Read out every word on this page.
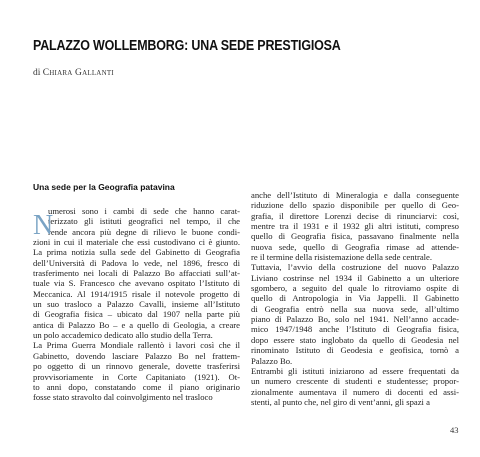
PALAZZO WOLLEMBORG: UNA SEDE PRESTIGIOSA
di Chiara Gallanti
Una sede per la Geografia patavina
N
umerosi sono i cambi di sede che hanno carat-
terizzato gli istituti geografici nel tempo, il che
rende ancora più degne di rilievo le buone condi-
zioni in cui il materiale che essi custodivano ci è giunto.
La prima notizia sulla sede del Gabinetto di Geografia
dell’Università di Padova lo vede, nel 1896, fresco di
trasferimento nei locali di Palazzo Bo affacciati sull’at-
tuale via S. Francesco che avevano ospitato l’Istituto di
Meccanica. Al 1914/1915 risale il notevole progetto di
un suo trasloco a Palazzo Cavalli, insieme all’Istituto
di Geografia fisica – ubicato dal 1907 nella parte più
antica di Palazzo Bo – e a quello di Geologia, a creare
un polo accademico dedicato allo studio della Terra.
La Prima Guerra Mondiale rallentò i lavori così che il
Gabinetto, dovendo lasciare Palazzo Bo nel frattem-
po oggetto di un rinnovo generale, dovette trasferirsi
provvisoriamente in Corte Capitaniato (1921). Ot-
to anni dopo, constatando come il piano originario
fosse stato stravolto dal coinvolgimento nel trasloco
anche dell’Istituto di Mineralogia e dalla conseguente
riduzione dello spazio disponibile per quello di Geo-
grafia, il direttore Lorenzi decise di rinunciarvi: così,
mentre tra il 1931 e il 1932 gli altri istituti, compreso
quello di Geografia fisica, passavano finalmente nella
nuova sede, quello di Geografia rimase ad attende-
re il termine della risistemazione della sede centrale.
Tuttavia, l’avvio della costruzione del nuovo Palazzo
Liviano costrinse nel 1934 il Gabinetto a un ulteriore
sgombero, a seguito del quale lo ritroviamo ospite di
quello di Antropologia in Via Jappelli. Il Gabinetto
di Geografia entrò nella sua nuova sede, all’ultimo
piano di Palazzo Bo, solo nel 1941. Nell’anno accade-
mico 1947/1948 anche l’Istituto di Geografia fisica,
dopo essere stato inglobato da quello di Geodesia nel
rinominato Istituto di Geodesia e geofisica, tornò a
Palazzo Bo.
Entrambi gli istituti iniziarono ad essere frequentati da
un numero crescente di studenti e studentesse; propor-
zionalmente aumentava il numero di docenti ed assi-
stenti, al punto che, nel giro di vent’anni, gli spazi a
43
